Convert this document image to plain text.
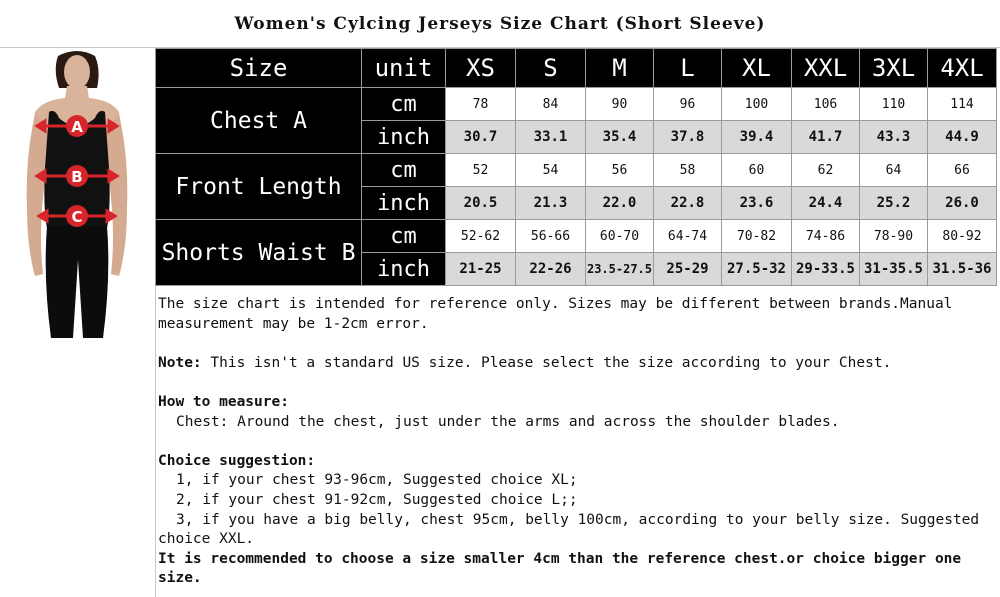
Women's Cylcing Jerseys Size Chart (Short Sleeve)
A
B
C
Size	unit	XS	S	M	L	XL	XXL	3XL	4XL
Chest A	cm	78	84	90	96	100	106	110	114
	inch	30.7	33.1	35.4	37.8	39.4	41.7	43.3	44.9
Front Length	cm	52	54	56	58	60	62	64	66
	inch	20.5	21.3	22.0	22.8	23.6	24.4	25.2	26.0
Shorts Waist B	cm	52-62	56-66	60-70	64-74	70-82	74-86	78-90	80-92
	inch	21-25	22-26	23.5-27.5	25-29	27.5-32	29-33.5	31-35.5	31.5-36

The size chart is intended for reference only. Sizes may be different between brands.Manual measurement may be 1-2cm error.

Note: This isn't a standard US size. Please select the size according to your Chest.

How to measure:

Chest: Around the chest, just under the arms and across the shoulder blades.

Choice suggestion:

1, if your chest 93-96cm, Suggested choice XL;

2, if your chest 91-92cm, Suggested choice L;;

3, if you have a big belly, chest 95cm, belly 100cm, according to your belly size. Suggested choice XXL.

It is recommended to choose a size smaller 4cm than the reference chest.or choice bigger one size.
